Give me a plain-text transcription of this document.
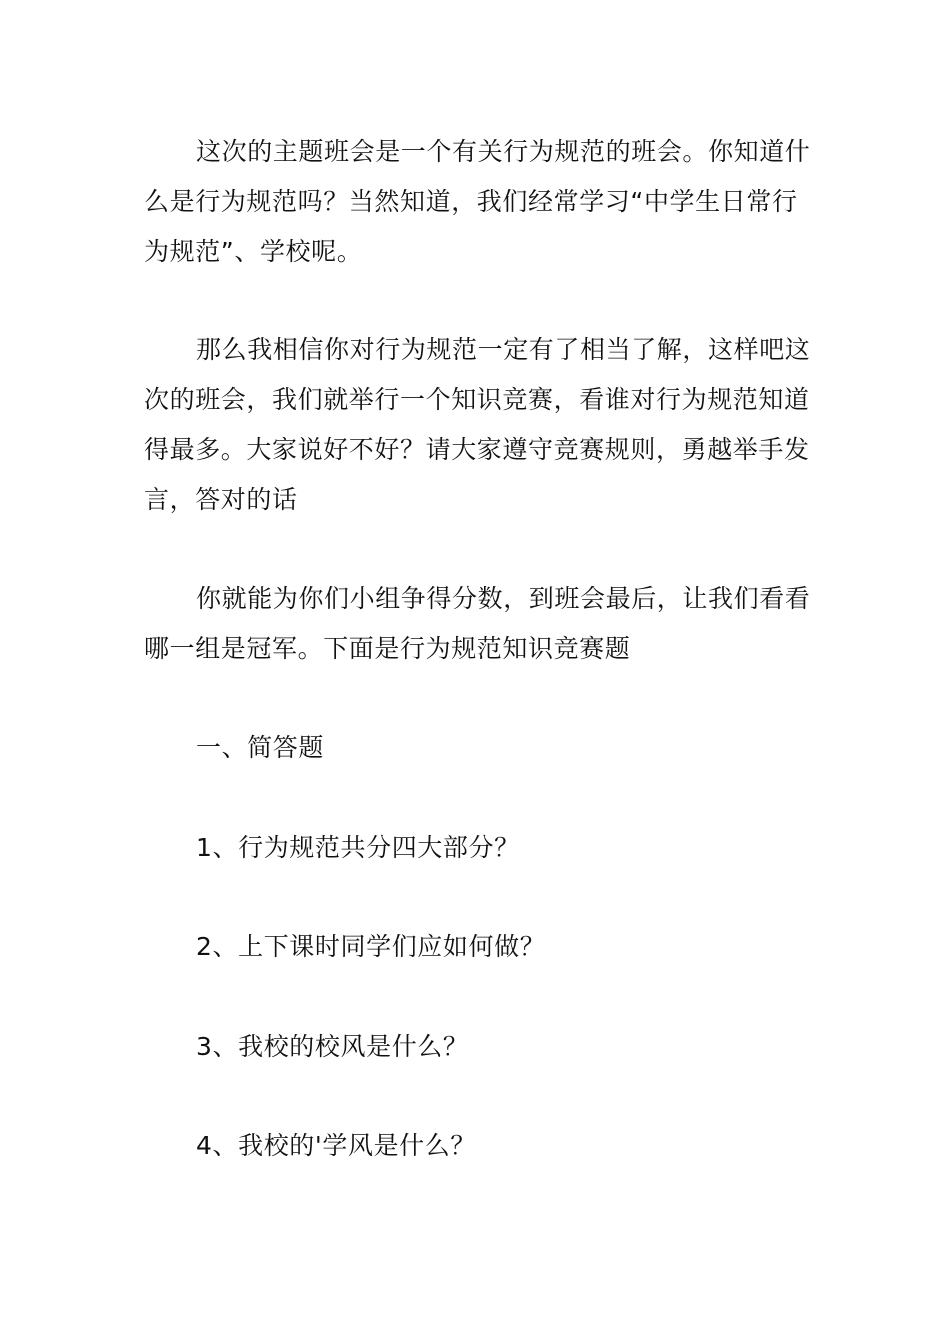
这次的主题班会是一个有关行为规范的班会。你知道什么是行为规范吗？当然知道，我们经常学习“中学生日常行为规范”、学校呢。

那么我相信你对行为规范一定有了相当了解，这样吧这次的班会，我们就举行一个知识竞赛，看谁对行为规范知道得最多。大家说好不好？请大家遵守竞赛规则，勇越举手发言，答对的话

你就能为你们小组争得分数，到班会最后，让我们看看哪一组是冠军。下面是行为规范知识竞赛题

一、简答题

1、行为规范共分四大部分？

2、上下课时同学们应如何做？

3、我校的校风是什么？

4、我校的'学风是什么？
